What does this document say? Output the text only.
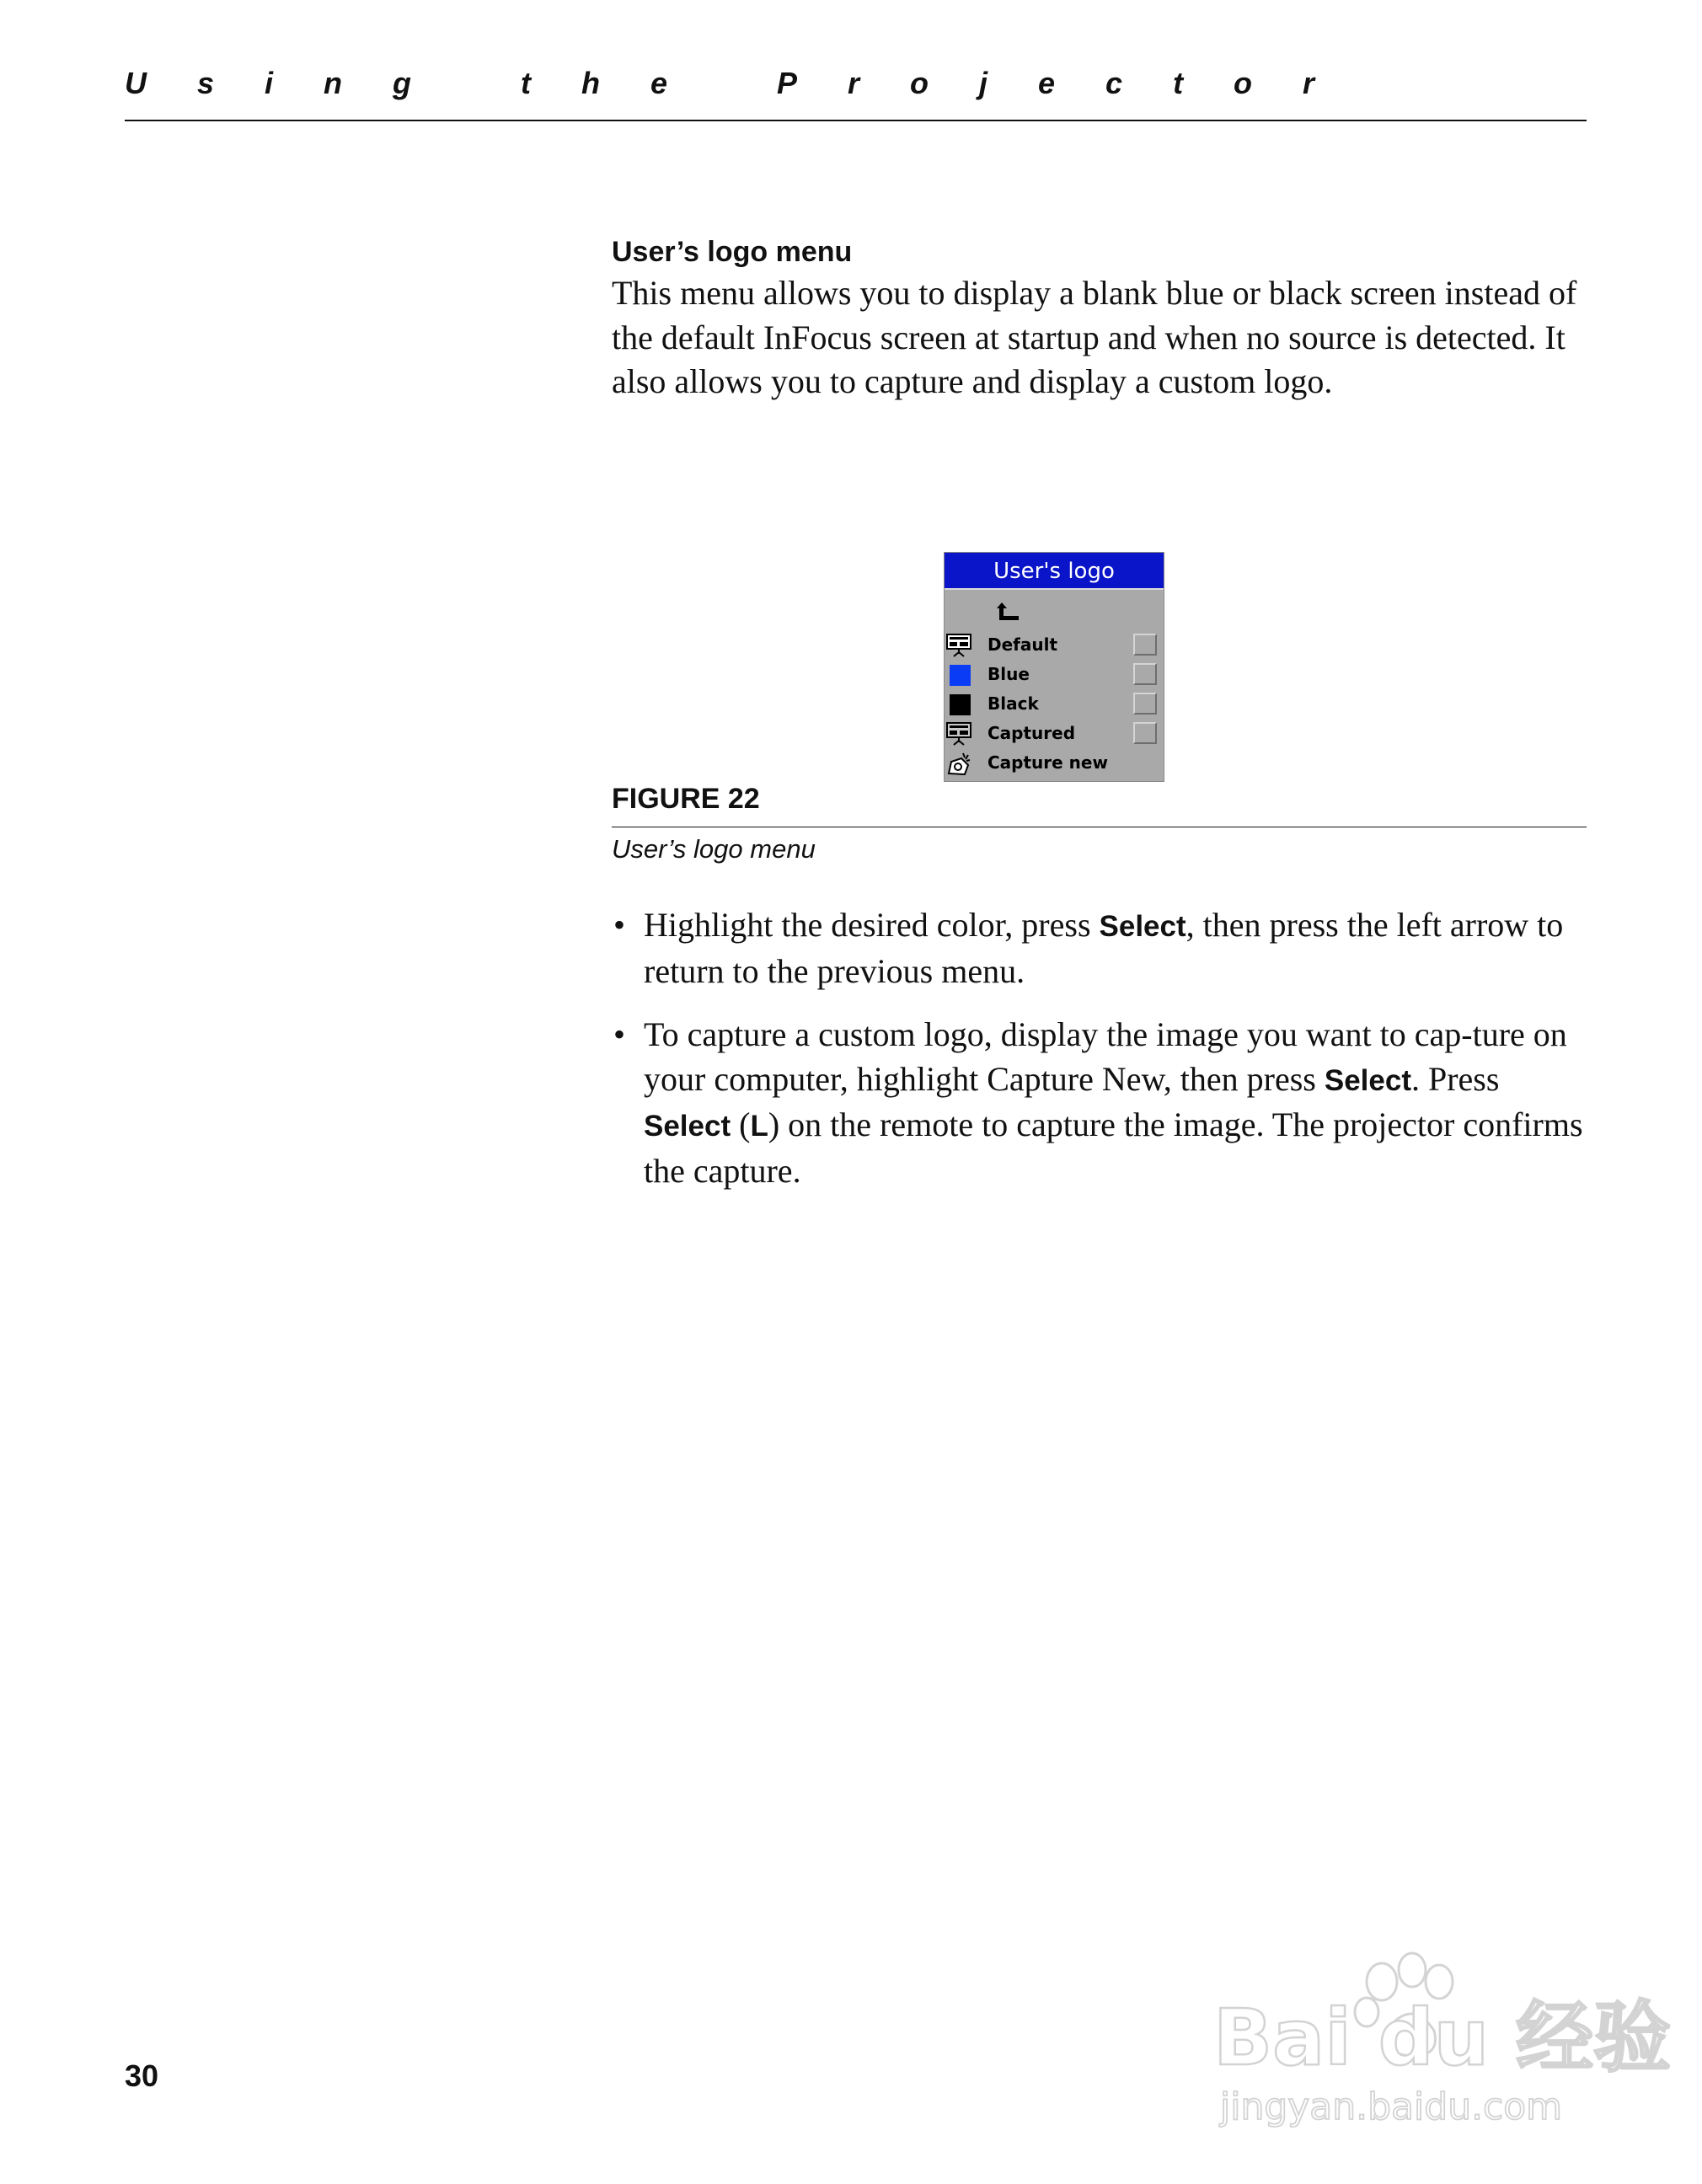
Using the Projector
User’s logo menu

This menu allows you to display a blank blue or black screen instead of the default InFocus screen at startup and when no source is detected. It also allows you to capture and display a custom logo.

User's logo
Default
Blue
Black
Captured
Capture new
FIGURE 22
User’s logo menu
• Highlight the desired color, press Select, then press the left arrow to return to the previous menu.
• To capture a custom logo, display the image you want to cap-ture on your computer, highlight Capture New, then press Select. Press Select (L) on the remote to capture the image. The projector confirms the capture.
30	Bai du 经验
jingyan.baidu.com
